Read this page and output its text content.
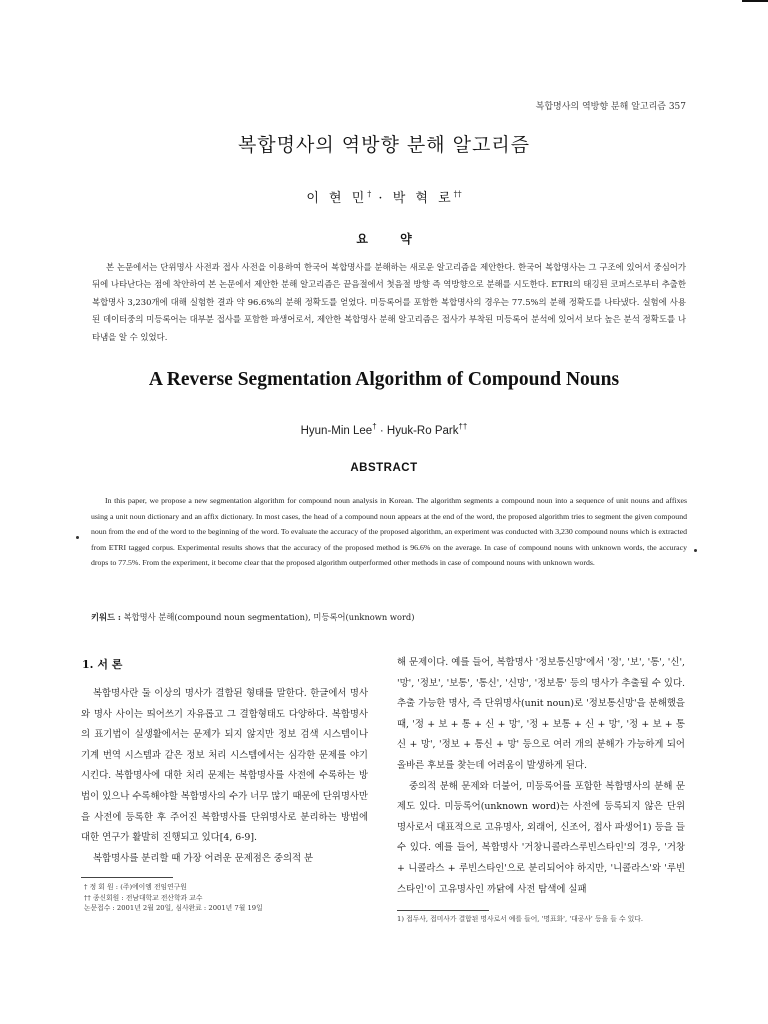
복합명사의 역방향 분해 알고리즘 357
복합명사의 역방향 분해 알고리즘
이 현 민† · 박 혁 로††
요 약

본 논문에서는 단위명사 사전과 접사 사전을 이용하여 한국어 복합명사를 분해하는 새로운 알고리즘을 제안한다. 한국어 복합명사는 그 구조에 있어서 중심어가 뒤에 나타난다는 점에 착안하여 본 논문에서 제안한 분해 알고리즘은 끝음절에서 첫음절 방향 즉 역방향으로 분해를 시도한다. ETRI의 태깅된 코퍼스로부터 추출한 복합명사 3,230개에 대해 실험한 결과 약 96.6%의 분해 정확도를 얻었다. 미등록어를 포함한 복합명사의 경우는 77.5%의 분해 정확도를 나타냈다. 실험에 사용된 데이터중의 미등록어는 대부분 접사를 포함한 파생어로서, 제안한 복합명사 분해 알고리즘은 접사가 부착된 미등록어 분석에 있어서 보다 높은 분석 정확도를 나타냄을 알 수 있었다.

A Reverse Segmentation Algorithm of Compound Nouns
Hyun-Min Lee† · Hyuk-Ro Park††
ABSTRACT

In this paper, we propose a new segmentation algorithm for compound noun analysis in Korean. The algorithm segments a compound noun into a sequence of unit nouns and affixes using a unit noun dictionary and an affix dictionary. In most cases, the head of a compound noun appears at the end of the word, the proposed algorithm tries to segment the given compound noun from the end of the word to the beginning of the word. To evaluate the accuracy of the proposed algorithm, an experiment was conducted with 3,230 compound nouns which is extracted from ETRI tagged corpus. Experimental results shows that the accuracy of the proposed method is 96.6% on the average. In case of compound nouns with unknown words, the accuracy drops to 77.5%. From the experiment, it become clear that the proposed algorithm outperformed other methods in case of compound nouns with unknown words.

키워드 : 복합명사 분해(compound noun segmentation), 미등록어(unknown word)
1. 서 론

복합명사란 둘 이상의 명사가 결합된 형태를 말한다. 한글에서 명사와 명사 사이는 띄어쓰기 자유롭고 그 결합형태도 다양하다. 복합명사의 표기법이 실생활에서는 문제가 되지 않지만 정보 검색 시스템이나 기계 번역 시스템과 같은 정보 처리 시스템에서는 심각한 문제를 야기시킨다. 복합명사에 대한 처리 문제는 복합명사를 사전에 수록하는 방법이 있으나 수록해야할 복합명사의 수가 너무 많기 때문에 단위명사만을 사전에 등록한 후 주어진 복합명사를 단위명사로 분리하는 방법에 대한 연구가 활발히 진행되고 있다[4, 6-9].

복합명사를 분리할 때 가장 어려운 문제점은 중의적 분

해 문제이다. 예를 들어, 복합명사 '정보통신망'에서 '정', '보', '통', '신', '망', '정보', '보통', '통신', '신망', '정보통' 등의 명사가 추출될 수 있다. 추출 가능한 명사, 즉 단위명사(unit noun)로 '정보통신망'을 분해했을 때, '정 + 보 + 통 + 신 + 망', '정 + 보통 + 신 + 망', '정 + 보 + 통신 + 망', '정보 + 통신 + 망' 등으로 여러 개의 분해가 가능하게 되어 올바른 후보를 찾는데 어려움이 발생하게 된다.

중의적 분해 문제와 더불어, 미등록어를 포함한 복합명사의 분해 문제도 있다. 미등록어(unknown word)는 사전에 등록되지 않은 단위명사로서 대표적으로 고유명사, 외래어, 신조어, 접사 파생어1) 등을 들 수 있다. 예를 들어, 복합명사 '거창니콜라스루빈스타인'의 경우, '거창 + 니콜라스 + 루빈스타인'으로 분리되어야 하지만, '니콜라스'와 '루빈스타인'이 고유명사인 까닭에 사전 탐색에 실패

† 정 회 원 : (주)에이엠 전임연구원
†† 종신회원 : 전남대학교 전산학과 교수
논문접수 : 2001년 2월 20일, 심사완료 : 2001년 7월 19일
1) 접두사, 접미사가 결합된 명사로서 예를 들어, '명표화', '대공사' 등을 들 수 있다.
